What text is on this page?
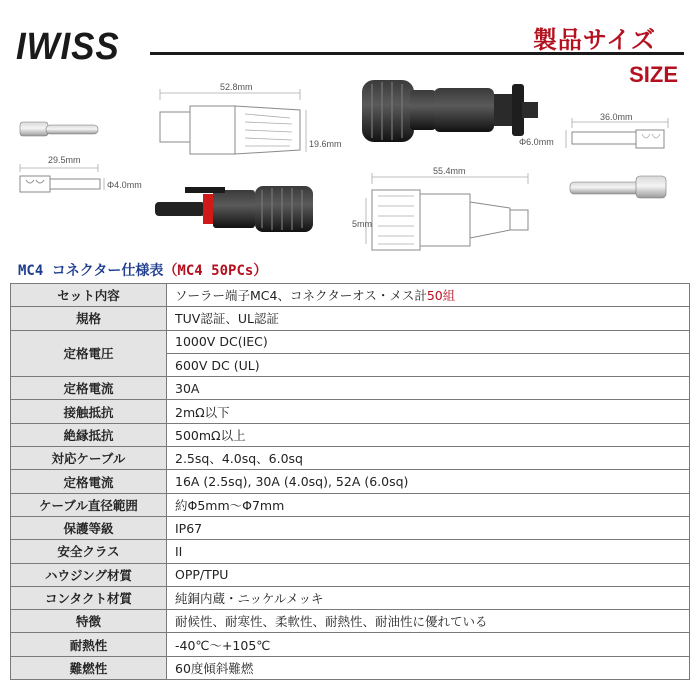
IWISS	製品サイズ
SIZE
29.5mm
Φ4.0mm
52.8mm
19.6mm
55.4mm
5mm
36.0mm
Φ6.0mm
MC4 コネクター仕様表（MC4 50PCs）
セット内容	ソーラー端子MC4、コネクターオス・メス計50組
規格	TUV認証、UL認証
定格電圧	1000V DC(IEC)
	600V DC (UL)
定格電流	30A
接触抵抗	2mΩ以下
絶縁抵抗	500mΩ以上
対応ケーブル	2.5sq、4.0sq、6.0sq
定格電流	16A (2.5sq), 30A (4.0sq), 52A (6.0sq)
ケーブル直径範囲	約Φ5mm〜Φ7mm
保護等級	IP67
安全クラス	II
ハウジング材質	OPP/TPU
コンタクト材質	純銅内蔵・ニッケルメッキ
特徴	耐候性、耐寒性、柔軟性、耐熱性、耐油性に優れている
耐熱性	-40℃〜+105℃
難燃性	60度傾斜難燃
